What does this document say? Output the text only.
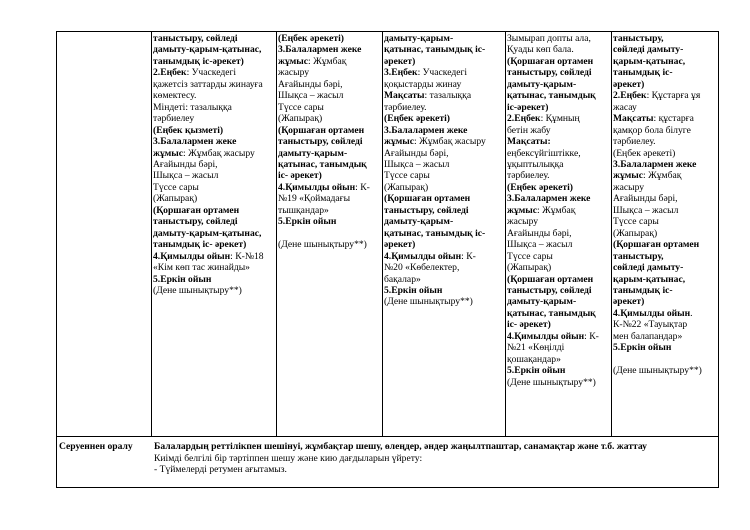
таныстыру, сөйледі
дамыту-қарым-қатынас,
танымдық іс-әрекет)
2.Еңбек: Учаскедегі
қажетсіз заттарды жинауға
көмектесу.
Міндеті: тазалыққа
тәрбиелеу
(Еңбек қызметі)
3.Балалармен жеке
жұмыс: Жұмбақ жасыру
Ағайынды бәрі,
Шықса – жасыл
Түссе сары
(Жапырақ)
(Қоршаған ортамен
таныстыру, сөйледі
дамыту-қарым-қатынас,
танымдық іс- әрекет)
4.Қимылды ойын: К-№18
«Кім көп тас жинайды»
5.Еркін ойын
(Дене шынықтыру**)
(Еңбек әрекеті)
3.Балалармен жеке
жұмыс: Жұмбақ
жасыру
Ағайынды бәрі,
Шықса – жасыл
Түссе сары
(Жапырақ)
(Қоршаған ортамен
таныстыру, сөйледі
дамыту-қарым-
қатынас, танымдық
іс- әрекет)
4.Қимылды ойын: К-
№19 «Қоймадағы
тышқандар»
5.Еркін ойын

(Дене шынықтыру**)
дамыту-қарым-
қатынас, танымдық іс-
әрекет)
3.Еңбек: Учаскедегі
қоқыстарды жинау
Мақсаты: тазалыққа
тәрбиелеу.
(Еңбек әрекеті)
3.Балалармен жеке
жұмыс: Жұмбақ жасыру
Ағайынды бәрі,
Шықса – жасыл
Түссе сары
(Жапырақ)
(Қоршаған ортамен
таныстыру, сөйледі
дамыту-қарым-
қатынас, танымдық іс-
әрекет)
4.Қимылды ойын: К-
№20 «Көбелектер,
бақалар»
5.Еркін ойын
(Дене шынықтыру**)
Зымырап допты ала,
Қуады көп бала.
(Қоршаған ортамен
таныстыру, сөйледі
дамыту-қарым-
қатынас, танымдық
іс-әрекет)
2.Еңбек: Құмның
бетін жабу
Мақсаты:
еңбексүйгіштікке,
ұқыптылыққа
тәрбиелеу.
(Еңбек әрекеті)
3.Балалармен жеке
жұмыс: Жұмбақ
жасыру
Ағайынды бәрі,
Шықса – жасыл
Түссе сары
(Жапырақ)
(Қоршаған ортамен
таныстыру, сөйледі
дамыту-қарым-
қатынас, танымдық
іс- әрекет)
4.Қимылды ойын: К-
№21 «Көңілді
қошақандар»
5.Еркін ойын
(Дене шынықтыру**)
таныстыру,
сөйледі дамыту-
қарым-қатынас,
танымдық іс-
әрекет)
2.Еңбек: Құстарға ұя
жасау
Мақсаты: құстарға
қамқор бола білуге
тәрбиелеу.
(Еңбек әрекеті)
3.Балалармен жеке
жұмыс: Жұмбақ
жасыру
Ағайынды бәрі,
Шықса – жасыл
Түссе сары
(Жапырақ)
(Қоршаған ортамен
таныстыру,
сөйледі дамыту-
қарым-қатынас,
танымдық іс-
әрекет)
4.Қимылды ойын.
К-№22 «Тауықтар
мен балапандар»
5.Еркін ойын

(Дене шынықтыру**)
Серуеннен оралу Балалардың реттілікпен шешінуі, жұмбақтар шешу, өлеңдер, әндер жаңылтпаштар, санамақтар және т.б. жаттау
Киімді белгілі бір тәртіппен шешу және кию дағдыларын үйрету:
- Түймелерді ретумен ағытамыз.
